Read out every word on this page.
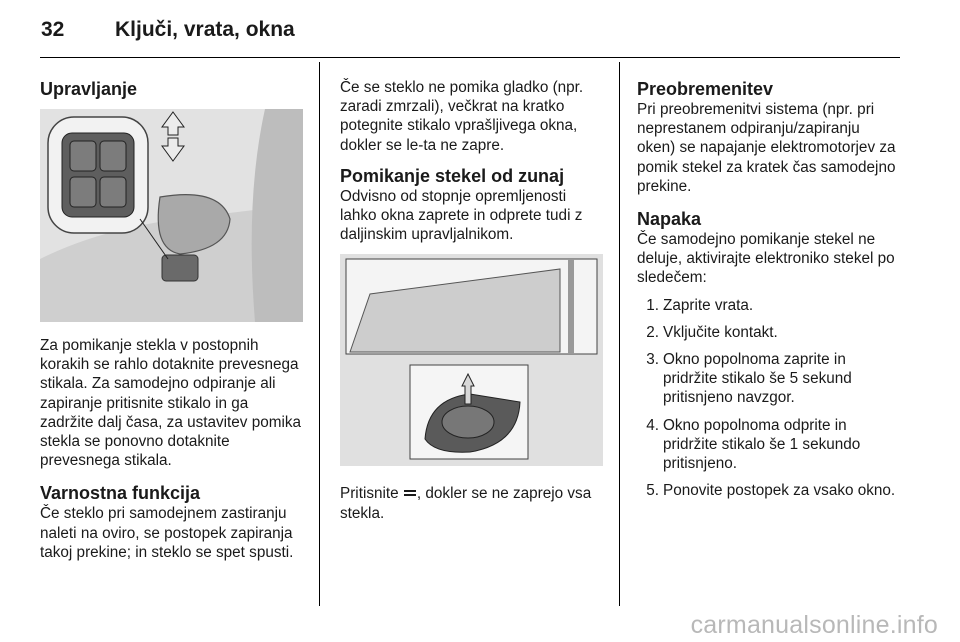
32 Ključi, vrata, okna
Upravljanje

Za pomikanje stekla v postopnih korakih se rahlo dotaknite prevesnega stikala. Za samodejno odpiranje ali zapiranje pritisnite stikalo in ga zadržite dalj časa, za ustavitev pomika stekla se ponovno dotaknite prevesnega stikala.

Varnostna funkcija

Če steklo pri samodejnem zastiranju naleti na oviro, se postopek zapiranja takoj prekine; in steklo se spet spusti.

Če se steklo ne pomika gladko (npr. zaradi zmrzali), večkrat na kratko potegnite stikalo vprašljivega okna, dokler se le-ta ne zapre.

Pomikanje stekel od zunaj

Odvisno od stopnje opremljenosti lahko okna zaprete in odprete tudi z daljinskim upravljalnikom.

Pritisnite , dokler se ne zaprejo vsa stekla.

Preobremenitev

Pri preobremenitvi sistema (npr. pri neprestanem odpiranju/zapiranju oken) se napajanje elektromotorjev za pomik stekel za kratek čas samodejno prekine.

Napaka

Če samodejno pomikanje stekel ne deluje, aktivirajte elektroniko stekel po sledečem:

1. Zaprite vrata.
2. Vključite kontakt.
3. Okno popolnoma zaprite in pridržite stikalo še 5 sekund pritisnjeno navzgor.
4. Okno popolnoma odprite in pridržite stikalo še 1 sekundo pritisnjeno.
5. Ponovite postopek za vsako okno.
carmanualsonline.info
